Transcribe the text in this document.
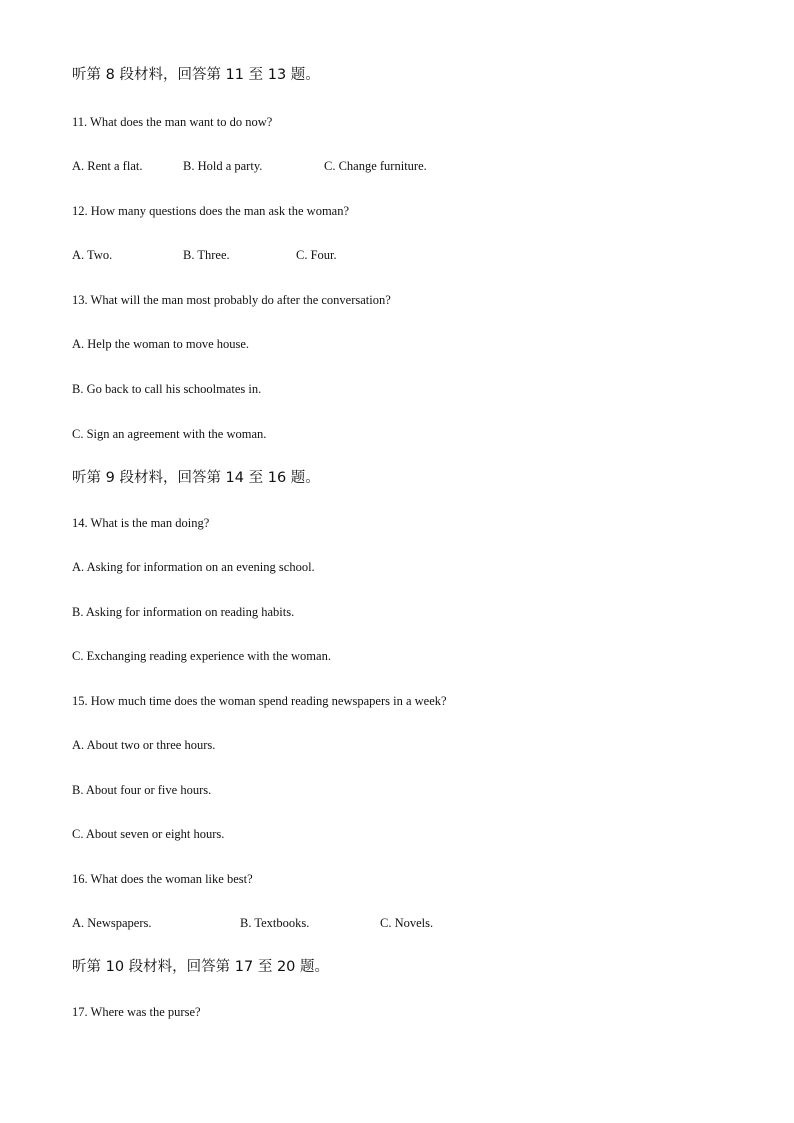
听第 8 段材料，回答第 11 至 13 题。
11. What does the man want to do now?
A. Rent a flat.	B. Hold a party.	C. Change furniture.
12. How many questions does the man ask the woman?
A. Two.	B. Three.	C. Four.
13. What will the man most probably do after the conversation?
A. Help the woman to move house.
B. Go back to call his schoolmates in.
C. Sign an agreement with the woman.
听第 9 段材料，回答第 14 至 16 题。
14. What is the man doing?
A. Asking for information on an evening school.
B. Asking for information on reading habits.
C. Exchanging reading experience with the woman.
15. How much time does the woman spend reading newspapers in a week?
A. About two or three hours.
B. About four or five hours.
C. About seven or eight hours.
16. What does the woman like best?
A. Newspapers.	B. Textbooks.	C. Novels.
听第 10 段材料，回答第 17 至 20 题。
17. Where was the purse?
